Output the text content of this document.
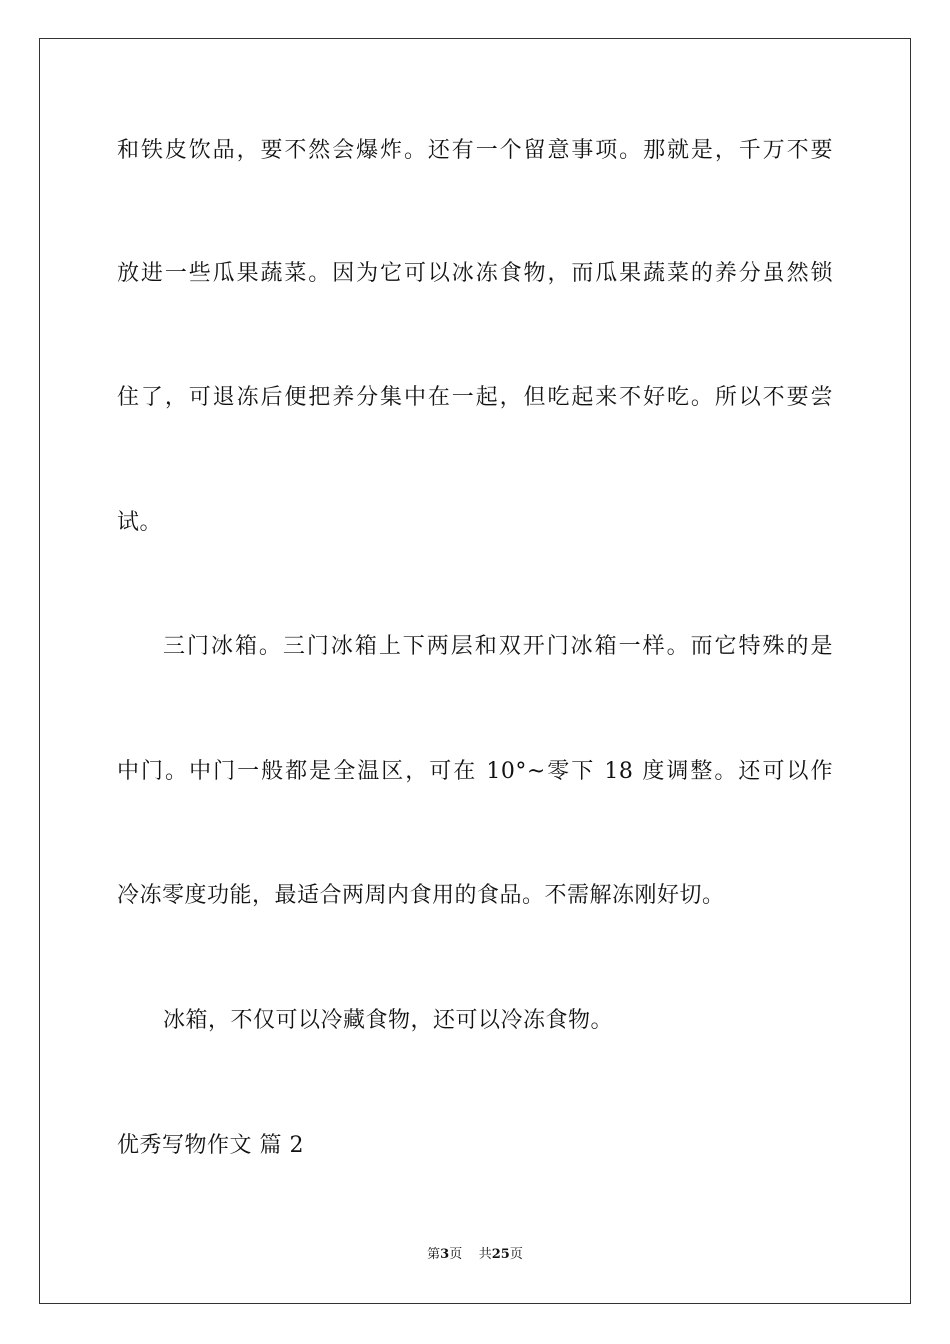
和铁皮饮品，要不然会爆炸。还有一个留意事项。那就是，千万不要
放进一些瓜果蔬菜。因为它可以冰冻食物，而瓜果蔬菜的养分虽然锁
住了，可退冻后便把养分集中在一起，但吃起来不好吃。所以不要尝
试。
三门冰箱。三门冰箱上下两层和双开门冰箱一样。而它特殊的是
中门。中门一般都是全温区，可在 10°~零下 18 度调整。还可以作
冷冻零度功能，最适合两周内食用的食品。不需解冻刚好切。
冰箱，不仅可以冷藏食物，还可以冷冻食物。
优秀写物作文 篇 2
第3页 共25页
